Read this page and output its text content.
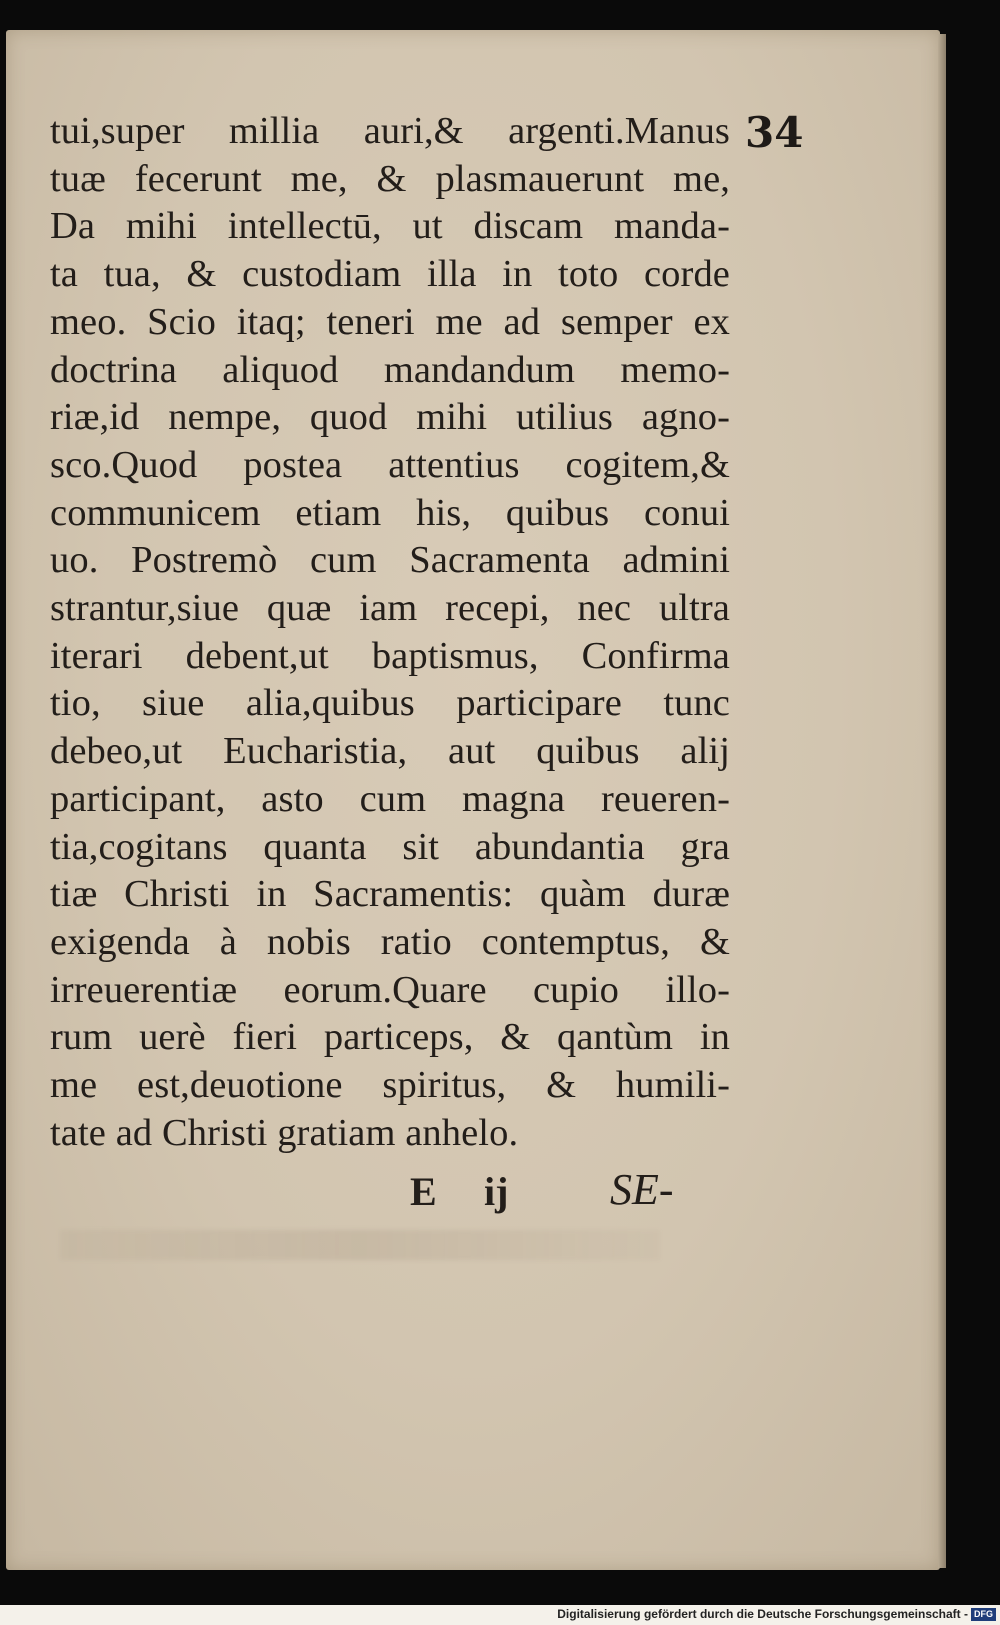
34
tui,super millia auri,& argenti.Manus
tuæ fecerunt me, & plasmauerunt me,
Da mihi intellectū, ut discam manda-
ta tua, & custodiam illa in toto corde
meo. Scio itaq; teneri me ad semper ex
doctrina aliquod mandandum memo-
riæ,id nempe, quod mihi utilius agno-
sco.Quod postea attentius cogitem,&
communicem etiam his, quibus conui
uo. Postremò cum Sacramenta admini
strantur,siue quæ iam recepi, nec ultra
iterari debent,ut baptismus, Confirma
tio, siue alia,quibus participare tunc
debeo,ut Eucharistia, aut quibus alij
participant, asto cum magna reueren-
tia,cogitans quanta sit abundantia gra
tiæ Christi in Sacramentis: quàm duræ
exigenda à nobis ratio contemptus, &
irreuerentiæ eorum.Quare cupio illo-
rum uerè fieri particeps, & qantùm in
me est,deuotione spiritus, & humili-
tate ad Christi gratiam anhelo.
E ij SE-
Digitalisierung gefördert durch die Deutsche Forschungsgemeinschaft - DFG
